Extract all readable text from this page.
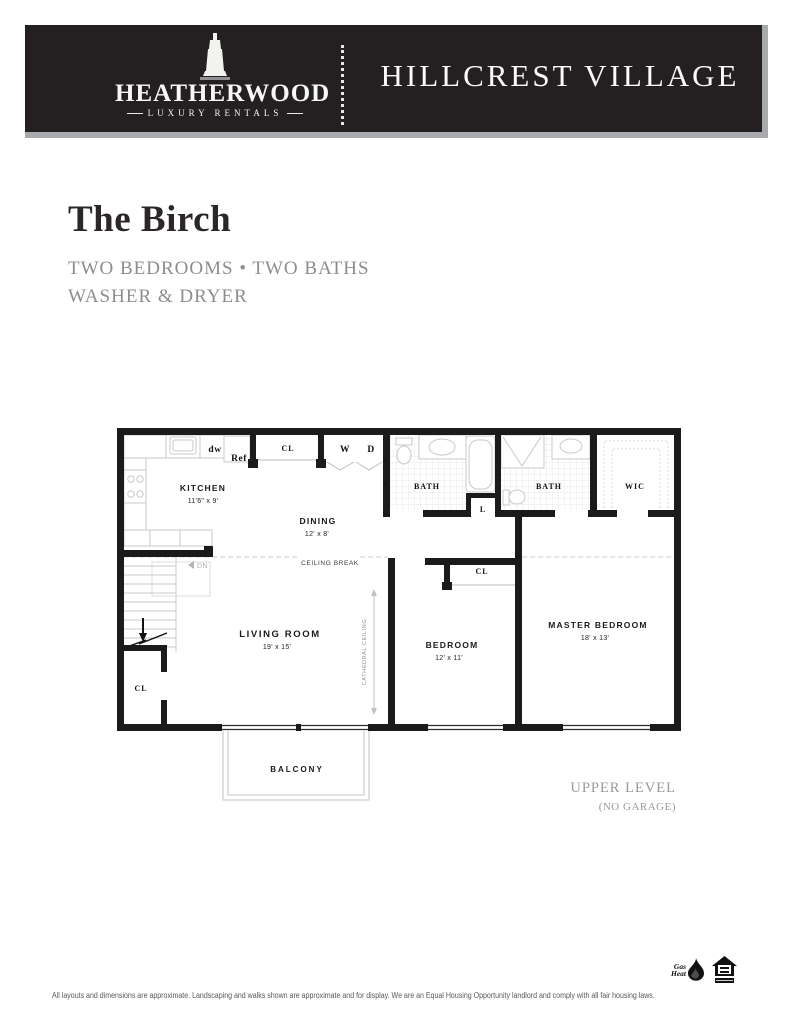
HEATHERWOOD
LUXURY RENTALS
HILLCREST VILLAGE
The Birch
TWO BEDROOMS • TWO BATHS
WASHER & DRYER
KITCHEN
11'6" x 9'
DINING
12' x 8'
LIVING ROOM
19' x 15'	BEDROOM
12' x 11'
MASTER BEDROOM
18' x 13'
BALCONY
BATH	BATH	WIC
L
CL
CL
CL
W D
dw
Ref
DN	CEILING BREAK
CATHEDRAL CEILING
UPPER LEVEL
(NO GARAGE)

All layouts and dimensions are approximate. Landscaping and walks shown are approximate and for display. We are an Equal Housing Opportunity landlord and comply with all fair housing laws.

Gas Heat
